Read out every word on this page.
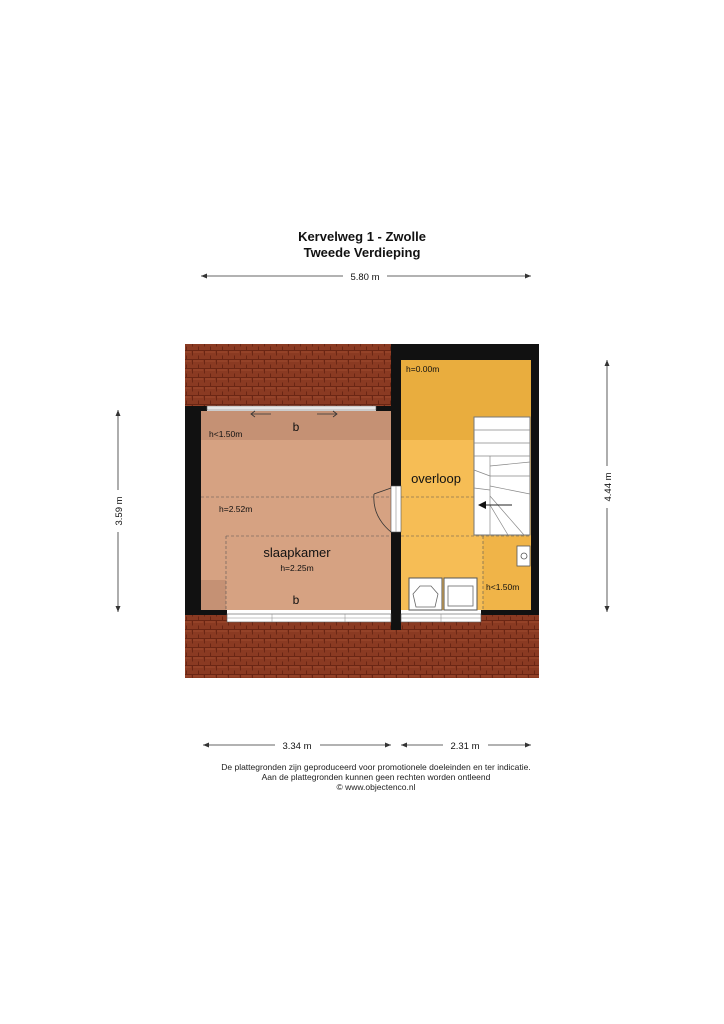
Kervelweg 1 - Zwolle
Tweede Verdieping
b
h<1.50m
h=2.52m
slaapkamer
h=2.25m
b
h=0.00m
overloop
h<1.50m
5.80 m
3.59 m
4.44 m
3.34 m	2.31 m
De plattegronden zijn geproduceerd voor promotionele doeleinden en ter indicatie.
Aan de plattegronden kunnen geen rechten worden ontleend
© www.objectenco.nl
